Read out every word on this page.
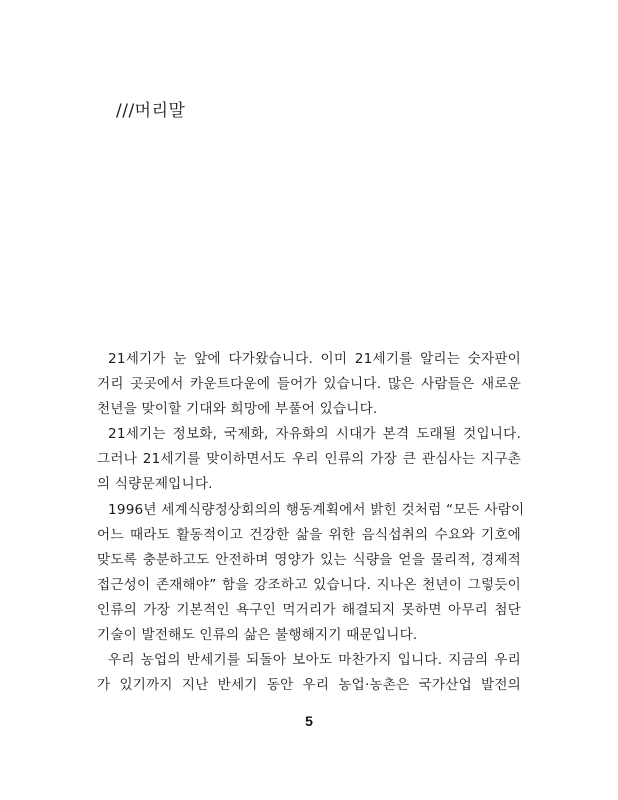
///머리말
21세기가 눈 앞에 다가왔습니다. 이미 21세기를 알리는 숫자판이
거리 곳곳에서 카운트다운에 들어가 있습니다. 많은 사람들은 새로운
천년을 맞이할 기대와 희망에 부풀어 있습니다.
21세기는 정보화, 국제화, 자유화의 시대가 본격 도래될 것입니다.
그러나 21세기를 맞이하면서도 우리 인류의 가장 큰 관심사는 지구촌
의 식량문제입니다.
1996년 세계식량정상회의의 행동계획에서 밝힌 것처럼 “모든 사람이
어느 때라도 활동적이고 건강한 삶을 위한 음식섭취의 수요와 기호에
맞도록 충분하고도 안전하며 영양가 있는 식량을 얻을 물리적, 경제적
접근성이 존재해야” 함을 강조하고 있습니다. 지나온 천년이 그렇듯이
인류의 가장 기본적인 욕구인 먹거리가 해결되지 못하면 아무리 첨단
기술이 발전해도 인류의 삶은 불행해지기 때문입니다.
우리 농업의 반세기를 되돌아 보아도 마찬가지 입니다. 지금의 우리
가 있기까지 지난 반세기 동안 우리 농업·농촌은 국가산업 발전의
5
